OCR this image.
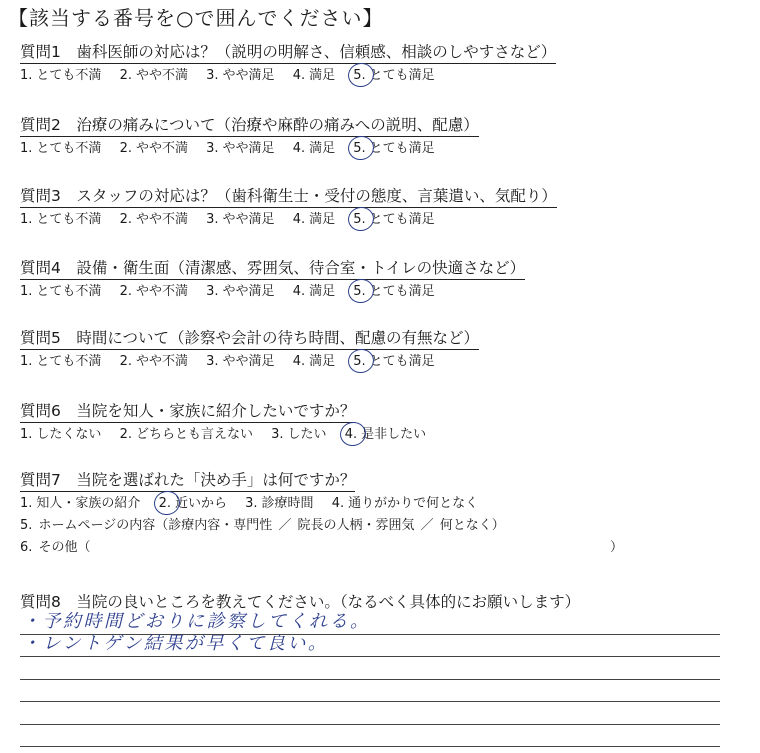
【該当する番号を○で囲んでください】
質問1　歯科医師の対応は？（説明の明解さ、信頼感、相談のしやすさなど）
1. とても不満 2. やや不満 3. やや満足 4. 満足 5. とても満足
質問2　治療の痛みについて（治療や麻酔の痛みへの説明、配慮）
1. とても不満 2. やや不満 3. やや満足 4. 満足 5. とても満足
質問3　スタッフの対応は？（歯科衛生士・受付の態度、言葉遣い、気配り）
1. とても不満 2. やや不満 3. やや満足 4. 満足 5. とても満足
質問4　設備・衛生面（清潔感、雰囲気、待合室・トイレの快適さなど）
1. とても不満 2. やや不満 3. やや満足 4. 満足 5. とても満足
質問5　時間について（診察や会計の待ち時間、配慮の有無など）
1. とても不満 2. やや不満 3. やや満足 4. 満足 5. とても満足
質問6　当院を知人・家族に紹介したいですか？
1. したくない 2. どちらとも言えない 3. したい 4. 是非したい
質問7　当院を選ばれた「決め手」は何ですか？
1. 知人・家族の紹介 2. 近いから 3. 診療時間 4. 通りがかりで何となく
5. ホームページの内容（診療内容・専門性 ／ 院長の人柄・雰囲気 ／ 何となく）
6. その他（	）
質問8　当院の良いところを教えてください。（なるべく具体的にお願いします）
・予約時間どおりに診察してくれる。
・レントゲン結果が早くて良い。
